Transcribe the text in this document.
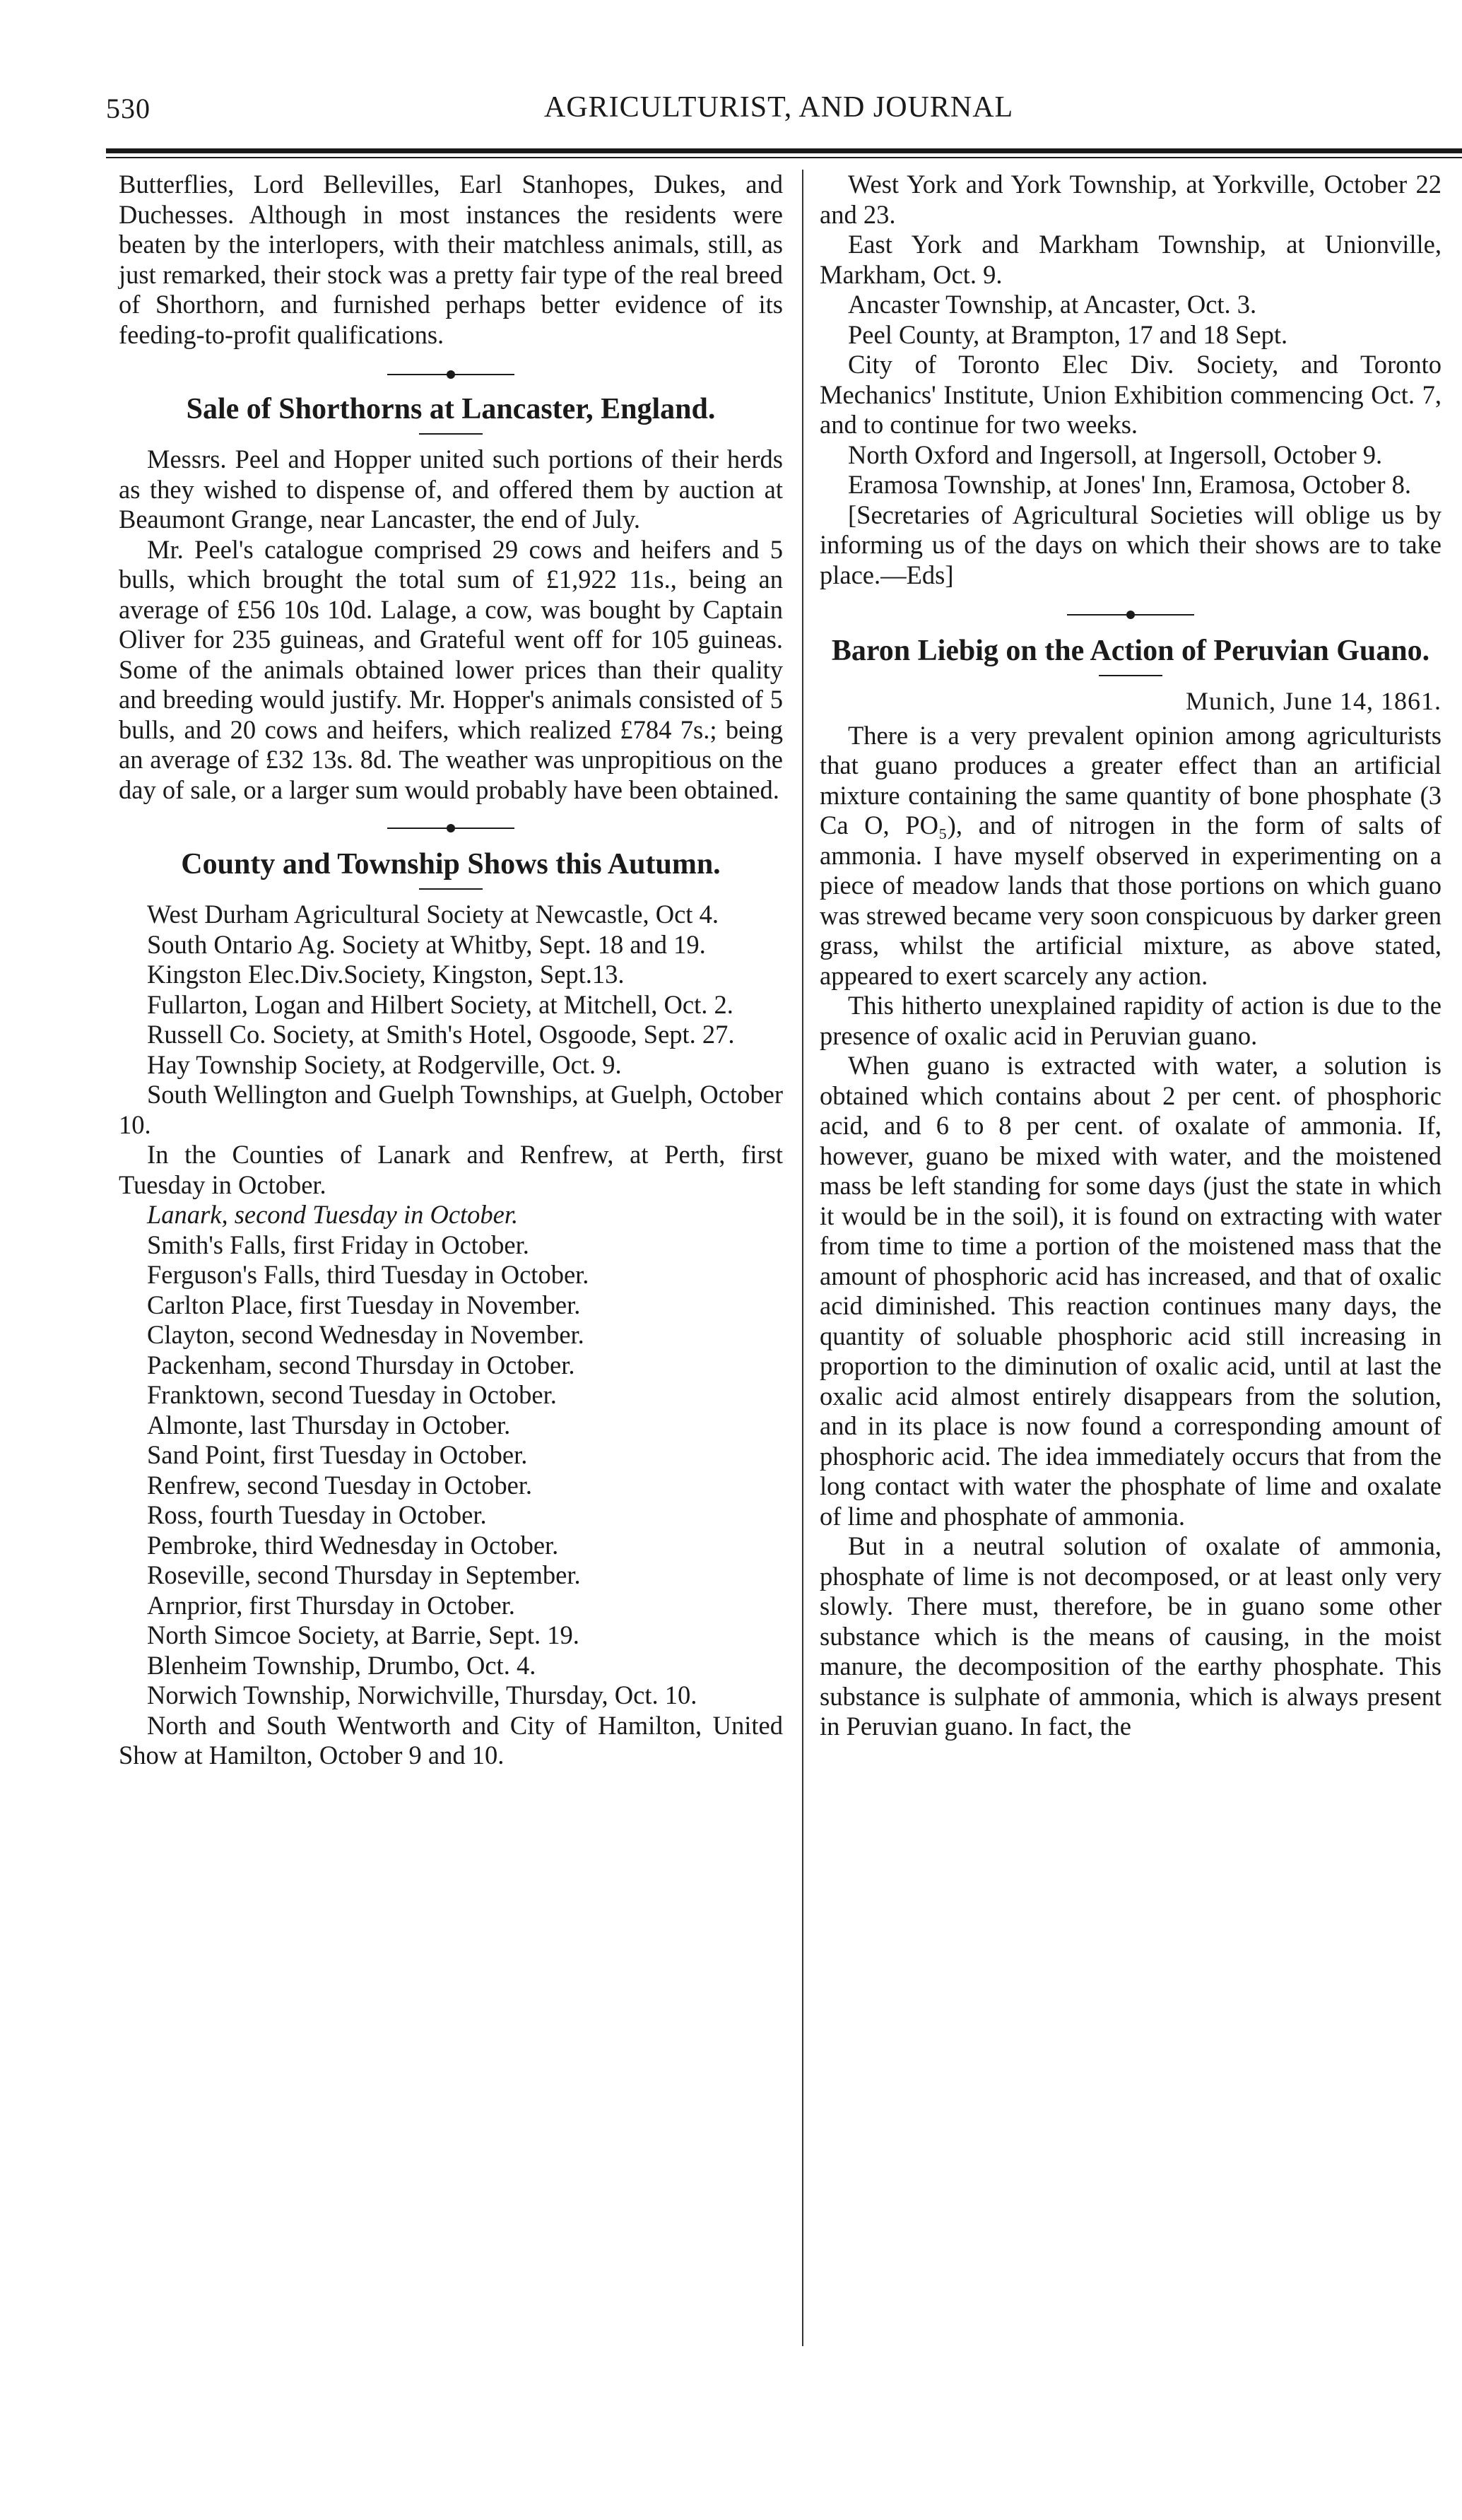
530	AGRICULTURIST, AND JOURNAL

Butterflies, Lord Bellevilles, Earl Stanhopes, Dukes, and Duchesses. Although in most instances the residents were beaten by the interlopers, with their matchless animals, still, as just remarked, their stock was a pretty fair type of the real breed of Shorthorn, and furnished perhaps better evidence of its feeding-to-profit qualifications.

Sale of Shorthorns at Lancaster, England.

Messrs. Peel and Hopper united such portions of their herds as they wished to dispense of, and offered them by auction at Beaumont Grange, near Lancaster, the end of July.

Mr. Peel's catalogue comprised 29 cows and heifers and 5 bulls, which brought the total sum of £1,922 11s., being an average of £56 10s 10d. Lalage, a cow, was bought by Captain Oliver for 235 guineas, and Grateful went off for 105 guineas. Some of the animals obtained lower prices than their quality and breeding would justify. Mr. Hopper's animals consisted of 5 bulls, and 20 cows and heifers, which realized £784 7s.; being an average of £32 13s. 8d. The weather was unpropitious on the day of sale, or a larger sum would probably have been obtained.

County and Township Shows this Autumn.

West Durham Agricultural Society at Newcastle, Oct 4.

South Ontario Ag. Society at Whitby, Sept. 18 and 19.

Kingston Elec.Div.Society, Kingston, Sept.13.

Fullarton, Logan and Hilbert Society, at Mitchell, Oct. 2.

Russell Co. Society, at Smith's Hotel, Osgoode, Sept. 27.

Hay Township Society, at Rodgerville, Oct. 9.

South Wellington and Guelph Townships, at Guelph, October 10.

In the Counties of Lanark and Renfrew, at Perth, first Tuesday in October.

Lanark, second Tuesday in October.

Smith's Falls, first Friday in October.

Ferguson's Falls, third Tuesday in October.

Carlton Place, first Tuesday in November.

Clayton, second Wednesday in November.

Packenham, second Thursday in October.

Franktown, second Tuesday in October.

Almonte, last Thursday in October.

Sand Point, first Tuesday in October.

Renfrew, second Tuesday in October.

Ross, fourth Tuesday in October.

Pembroke, third Wednesday in October.

Roseville, second Thursday in September.

Arnprior, first Thursday in October.

North Simcoe Society, at Barrie, Sept. 19.

Blenheim Township, Drumbo, Oct. 4.

Norwich Township, Norwichville, Thursday, Oct. 10.

North and South Wentworth and City of Hamilton, United Show at Hamilton, October 9 and 10.

West York and York Township, at Yorkville, October 22 and 23.

East York and Markham Township, at Unionville, Markham, Oct. 9.

Ancaster Township, at Ancaster, Oct. 3.

Peel County, at Brampton, 17 and 18 Sept.

City of Toronto Elec Div. Society, and Toronto Mechanics' Institute, Union Exhibition commencing Oct. 7, and to continue for two weeks.

North Oxford and Ingersoll, at Ingersoll, October 9.

Eramosa Township, at Jones' Inn, Eramosa, October 8.

[Secretaries of Agricultural Societies will oblige us by informing us of the days on which their shows are to take place.—Eds]

Baron Liebig on the Action of Peruvian Guano.

Munich, June 14, 1861.

There is a very prevalent opinion among agriculturists that guano produces a greater effect than an artificial mixture containing the same quantity of bone phosphate (3 Ca O, PO₅), and of nitrogen in the form of salts of ammonia. I have myself observed in experimenting on a piece of meadow lands that those portions on which guano was strewed became very soon conspicuous by darker green grass, whilst the artificial mixture, as above stated, appeared to exert scarcely any action.

This hitherto unexplained rapidity of action is due to the presence of oxalic acid in Peruvian guano.

When guano is extracted with water, a solution is obtained which contains about 2 per cent. of phosphoric acid, and 6 to 8 per cent. of oxalate of ammonia. If, however, guano be mixed with water, and the moistened mass be left standing for some days (just the state in which it would be in the soil), it is found on extracting with water from time to time a portion of the moistened mass that the amount of phosphoric acid has increased, and that of oxalic acid diminished. This reaction continues many days, the quantity of soluable phosphoric acid still increasing in proportion to the diminution of oxalic acid, until at last the oxalic acid almost entirely disappears from the solution, and in its place is now found a corresponding amount of phosphoric acid. The idea immediately occurs that from the long contact with water the phosphate of lime and oxalate of lime and phosphate of ammonia.

But in a neutral solution of oxalate of ammonia, phosphate of lime is not decomposed, or at least only very slowly. There must, therefore, be in guano some other substance which is the means of causing, in the moist manure, the decomposition of the earthy phosphate. This substance is sulphate of ammonia, which is always present in Peruvian guano. In fact, the
